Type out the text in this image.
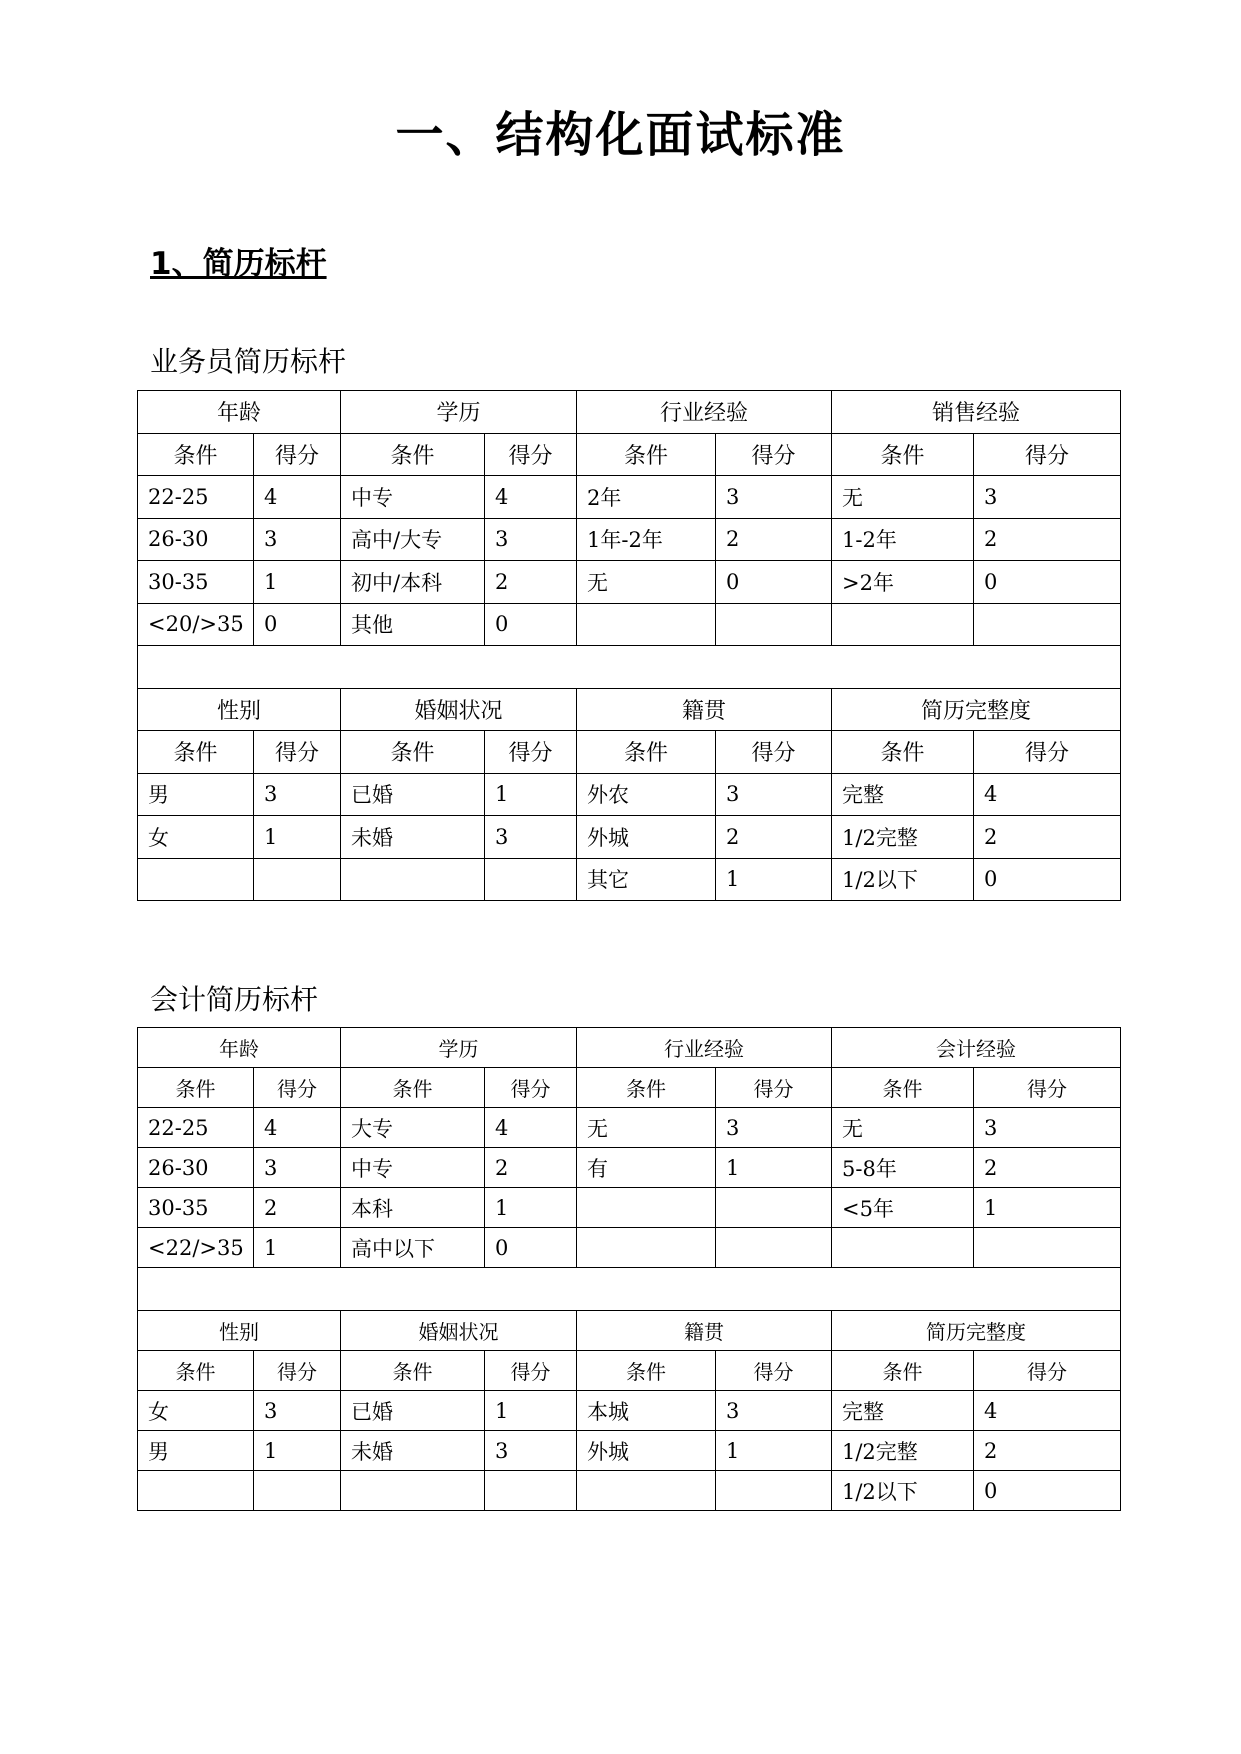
一、结构化面试标准
1、简历标杆
业务员简历标杆
年龄		学历		行业经验		销售经验	
条件	得分	条件	得分	条件	得分	条件	得分
22-25	4	中专	4	2年	3	无	3
26-30	3	高中/大专	3	1年-2年	2	1-2年	2
30-35	1	初中/本科	2	无	0	>2年	0
<20/>35	0	其他	0				

性别		婚姻状况		籍贯		简历完整度	
条件	得分	条件	得分	条件	得分	条件	得分
男	3	已婚	1	外农	3	完整	4
女	1	未婚	3	外城	2	1/2完整	2
				其它	1	1/2以下	0
会计简历标杆
年龄		学历		行业经验		会计经验	
条件	得分	条件	得分	条件	得分	条件	得分
22-25	4	大专	4	无	3	无	3
26-30	3	中专	2	有	1	5-8年	2
30-35	2	本科	1			<5年	1
<22/>35	1	高中以下	0				

性别		婚姻状况		籍贯		简历完整度	
条件	得分	条件	得分	条件	得分	条件	得分
女	3	已婚	1	本城	3	完整	4
男	1	未婚	3	外城	1	1/2完整	2
						1/2以下	0
